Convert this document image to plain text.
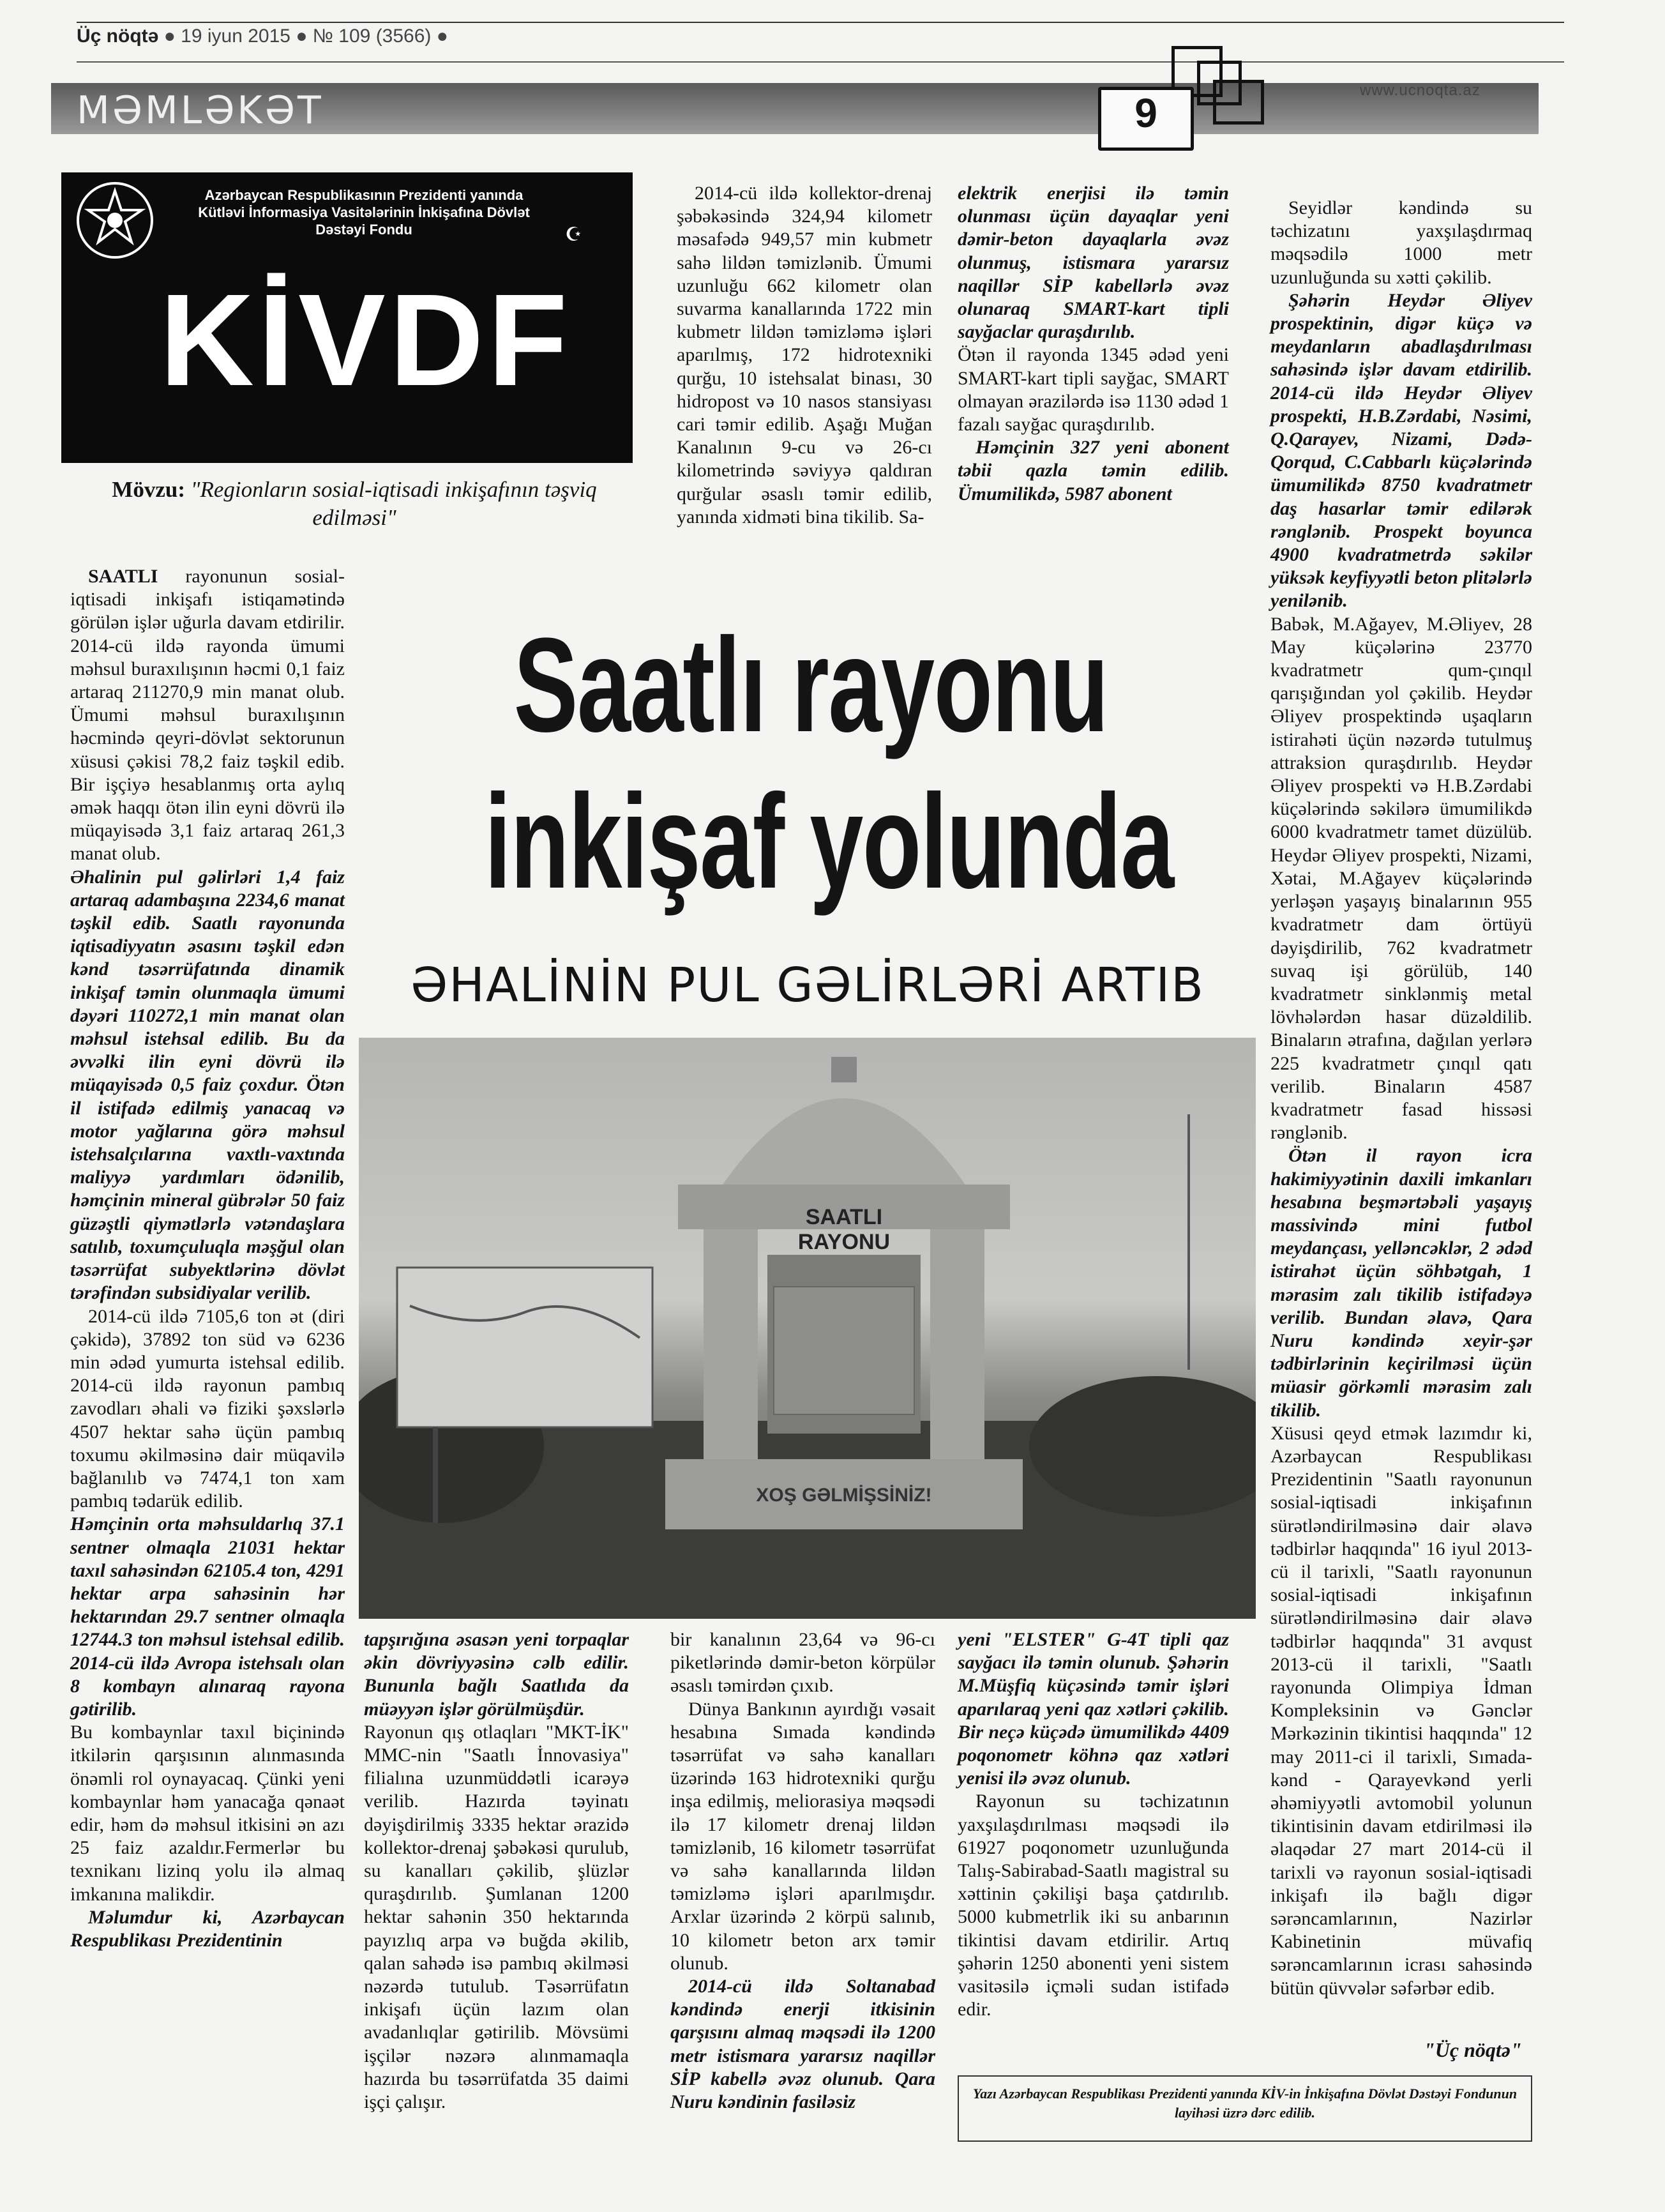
Üç nöqtə ● 19 iyun 2015 ● № 109 (3566) ●
MƏMLƏKƏT	www.ucnoqta.az
9
Azərbaycan Respublikasının Prezidenti yanında Kütləvi İnformasiya Vasitələrinin İnkişafına Dövlət Dəstəyi Fondu	☪
KİVDF
Mövzu: "Regionların sosial-iqtisadi inkişafının təşviq edilməsi"
Saatlı rayonu
inkişaf yolunda
ƏHALİNİN PUL GƏLİRLƏRİ ARTIB

SAATLI rayonunun sosial-iqtisadi inkişafı istiqamətində görülən işlər uğurla davam etdirilir. 2014-cü ildə rayonda ümumi məhsul buraxılışının həcmi 0,1 faiz artaraq 211270,9 min manat olub. Ümumi məhsul buraxılışının həcmində qeyri-dövlət sektorunun xüsusi çəkisi 78,2 faiz təşkil edib. Bir işçiyə hesablanmış orta aylıq əmək haqqı ötən ilin eyni dövrü ilə müqayisədə 3,1 faiz artaraq 261,3 manat olub.

Əhalinin pul gəlirləri 1,4 faiz artaraq adambaşına 2234,6 manat təşkil edib. Saatlı rayonunda iqtisadiyyatın əsasını təşkil edən kənd təsərrüfatında dinamik inkişaf təmin olunmaqla ümumi dəyəri 110272,1 min manat olan məhsul istehsal edilib. Bu da əvvəlki ilin eyni dövrü ilə müqayisədə 0,5 faiz çoxdur. Ötən il istifadə edilmiş yanacaq və motor yağlarına görə məhsul istehsalçılarına vaxtlı-vaxtında maliyyə yardımları ödənilib, həmçinin mineral gübrələr 50 faiz güzəştli qiymətlərlə vətəndaşlara satılıb, toxumçuluqla məşğul olan təsərrüfat subyektlərinə dövlət tərəfindən subsidiyalar verilib.

2014-cü ildə 7105,6 ton ət (diri çəkidə), 37892 ton süd və 6236 min ədəd yumurta istehsal edilib. 2014-cü ildə rayonun pambıq zavodları əhali və fiziki şəxslərlə 4507 hektar sahə üçün pambıq toxumu əkilməsinə dair müqavilə bağlanılıb və 7474,1 ton xam pambıq tədarük edilib.

Həmçinin orta məhsuldarlıq 37.1 sentner olmaqla 21031 hektar taxıl sahəsindən 62105.4 ton, 4291 hektar arpa sahəsinin hər hektarından 29.7 sentner olmaqla 12744.3 ton məhsul istehsal edilib. 2014-cü ildə Avropa istehsalı olan 8 kombayn alınaraq rayona gətirilib.

Bu kombaynlar taxıl biçinində itkilərin qarşısının alınmasında önəmli rol oynayacaq. Çünki yeni kombaynlar həm yanacağa qənaət edir, həm də məhsul itkisini ən azı 25 faiz azaldır.Fermerlər bu texnikanı lizinq yolu ilə almaq imkanına malikdir.

Məlumdur ki, Azərbaycan Respublikası Prezidentinin

2014-cü ildə kollektor-drenaj şəbəkəsində 324,94 kilometr məsafədə 949,57 min kubmetr sahə lildən təmizlənib. Ümumi uzunluğu 662 kilometr olan suvarma kanallarında 1722 min kubmetr lildən təmizləmə işləri aparılmış, 172 hidrotexniki qurğu, 10 istehsalat binası, 30 hidropost və 10 nasos stansiyası cari təmir edilib. Aşağı Muğan Kanalının 9-cu və 26-cı kilometrində səviyyə qaldıran qurğular əsaslı təmir edilib, yanında xidməti bina tikilib. Sa-

elektrik enerjisi ilə təmin olunması üçün dayaqlar yeni dəmir-beton dayaqlarla əvəz olunmuş, istismara yararsız naqillər SİP kabellərlə əvəz olunaraq SMART-kart tipli sayğaclar quraşdırılıb.

Ötən il rayonda 1345 ədəd yeni SMART-kart tipli sayğac, SMART olmayan ərazilərdə isə 1130 ədəd 1 fazalı sayğac quraşdırılıb.

Həmçinin 327 yeni abonent təbii qazla təmin edilib. Ümumilikdə, 5987 abonent

Seyidlər kəndində su təchizatını yaxşılaşdırmaq məqsədilə 1000 metr uzunluğunda su xətti çəkilib.

Şəhərin Heydər Əliyev prospektinin, digər küçə və meydanların abadlaşdırılması sahəsində işlər davam etdirilib. 2014-cü ildə Heydər Əliyev prospekti, H.B.Zərdabi, Nəsimi, Q.Qarayev, Nizami, Dədə-Qorqud, C.Cabbarlı küçələrində ümumilikdə 8750 kvadratmetr daş hasarlar təmir edilərək rənglənib. Prospekt boyunca 4900 kvadratmetrdə səkilər yüksək keyfiyyətli beton plitələrlə yenilənib.

Babək, M.Ağayev, M.Əliyev, 28 May küçələrinə 23770 kvadratmetr qum-çınqıl qarışığından yol çəkilib. Heydər Əliyev prospektində uşaqların istirahəti üçün nəzərdə tutulmuş attraksion quraşdırılıb. Heydər Əliyev prospekti və H.B.Zərdabi küçələrində səkilərə ümumilikdə 6000 kvadratmetr tamet düzülüb. Heydər Əliyev prospekti, Nizami, Xətai, M.Ağayev küçələrində yerləşən yaşayış binalarının 955 kvadratmetr dam örtüyü dəyişdirilib, 762 kvadratmetr suvaq işi görülüb, 140 kvadratmetr sinklənmiş metal lövhələrdən hasar düzəldilib. Binaların ətrafına, dağılan yerlərə 225 kvadratmetr çınqıl qatı verilib. Binaların 4587 kvadratmetr fasad hissəsi rənglənib.

Ötən il rayon icra hakimiyyətinin daxili imkanları hesabına beşmərtəbəli yaşayış massivində mini futbol meydançası, yelləncəklər, 2 ədəd istirahət üçün söhbətgah, 1 mərasim zalı tikilib istifadəyə verilib. Bundan əlavə, Qara Nuru kəndində xeyir-şər tədbirlərinin keçirilməsi üçün müasir görkəmli mərasim zalı tikilib.

Xüsusi qeyd etmək lazımdır ki, Azərbaycan Respublikası Prezidentinin "Saatlı rayonunun sosial-iqtisadi inkişafının sürətləndirilməsinə dair əlavə tədbirlər haqqında" 16 iyul 2013-cü il tarixli, "Saatlı rayonunun sosial-iqtisadi inkişafının sürətləndirilməsinə dair əlavə tədbirlər haqqında" 31 avqust 2013-cü il tarixli, "Saatlı rayonunda Olimpiya İdman Kompleksinin və Gənclər Mərkəzinin tikintisi haqqında" 12 may 2011-ci il tarixli, Sımada-kənd - Qarayevkənd yerli əhəmiyyətli avtomobil yolunun tikintisinin davam etdirilməsi ilə əlaqədar 27 mart 2014-cü il tarixli və rayonun sosial-iqtisadi inkişafı ilə bağlı digər sərəncamlarının, Nazirlər Kabinetinin müvafiq sərəncamlarının icrası sahəsində bütün qüvvələr səfərbər edib.

SAATLI RAYONU
XOŞ GƏLMİŞSİNİZ!

tapşırığına əsasən yeni torpaqlar əkin dövriyyəsinə cəlb edilir. Bununla bağlı Saatlıda da müəyyən işlər görülmüşdür.

Rayonun qış otlaqları "MKT-İK" MMC-nin "Saatlı İnnovasiya" filialına uzunmüddətli icarəyə verilib. Hazırda təyinatı dəyişdirilmiş 3335 hektar ərazidə kollektor-drenaj şəbəkəsi qurulub, su kanalları çəkilib, şlüzlər quraşdırılıb. Şumlanan 1200 hektar sahənin 350 hektarında payızlıq arpa və buğda əkilib, qalan sahədə isə pambıq əkilməsi nəzərdə tutulub. Təsərrüfatın inkişafı üçün lazım olan avadanlıqlar gətirilib. Mövsümi işçilər nəzərə alınmamaqla hazırda bu təsərrüfatda 35 daimi işçi çalışır.

bir kanalının 23,64 və 96-cı piketlərində dəmir-beton körpülər əsaslı təmirdən çıxıb.

Dünya Bankının ayırdığı vəsait hesabına Sımada kəndində təsərrüfat və sahə kanalları üzərində 163 hidrotexniki qurğu inşa edilmiş, meliorasiya məqsədi ilə 17 kilometr drenaj lildən təmizlənib, 16 kilometr təsərrüfat və sahə kanallarında lildən təmizləmə işləri aparılmışdır. Arxlar üzərində 2 körpü salınıb, 10 kilometr beton arx təmir olunub.

2014-cü ildə Soltanabad kəndində enerji itkisinin qarşısını almaq məqsədi ilə 1200 metr istismara yararsız naqillər SİP kabellə əvəz olunub. Qara Nuru kəndinin fasiləsiz

yeni "ELSTER" G-4T tipli qaz sayğacı ilə təmin olunub. Şəhərin M.Müşfiq küçəsində təmir işləri aparılaraq yeni qaz xətləri çəkilib. Bir neçə küçədə ümumilikdə 4409 poqonometr köhnə qaz xətləri yenisi ilə əvəz olunub.

Rayonun su təchizatının yaxşılaşdırılması məqsədi ilə 61927 poqonometr uzunluğunda Talış-Sabirabad-Saatlı magistral su xəttinin çəkilişi başa çatdırılıb. 5000 kubmetrlik iki su anbarının tikintisi davam etdirilir. Artıq şəhərin 1250 abonenti yeni sistem vasitəsilə içməli sudan istifadə edir.

"Üç nöqtə"
Yazı Azərbaycan Respublikası Prezidenti yanında KİV-in İnkişafına Dövlət Dəstəyi Fondunun layihəsi üzrə dərc edilib.
